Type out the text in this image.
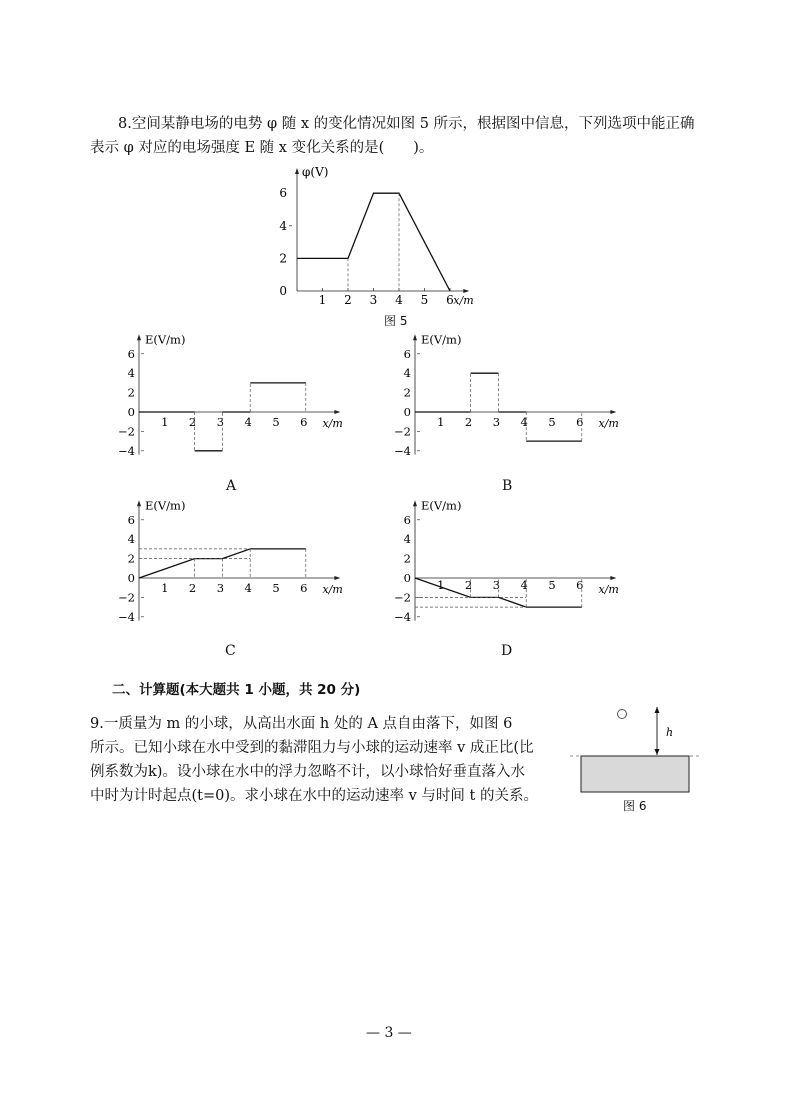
8.空间某静电场的电势 φ 随 x 的变化情况如图 5 所示，根据图中信息，下列选项中能正确
表示 φ 对应的电场强度 E 随 x 变化关系的是(　　)。
φ(V)
x/m
0
2
4
6
1 2 3 4 5 6
E(V/m)
x/m
6
4
2
0
−2
−4
1 2 3 4 5 6
E(V/m)
x/m
6
4
2
0
−2
−4
1 2 3 4 5 6
E(V/m)
x/m
6
4
2
0
−2
−4
1 2 3 4 5 6
E(V/m)
x/m
6
4
2
0
−2
−4
1 2 3 4 5 6
h
图 5
A	B
C	D
二、计算题(本大题共 1 小题，共 20 分)
9.一质量为 m 的小球，从高出水面 h 处的 A 点自由落下，如图 6
所示。已知小球在水中受到的黏滞阻力与小球的运动速率 v 成正比(比
例系数为k)。设小球在水中的浮力忽略不计，以小球恰好垂直落入水
中时为计时起点(t=0)。求小球在水中的运动速率 v 与时间 t 的关系。
图 6
— 3 —
